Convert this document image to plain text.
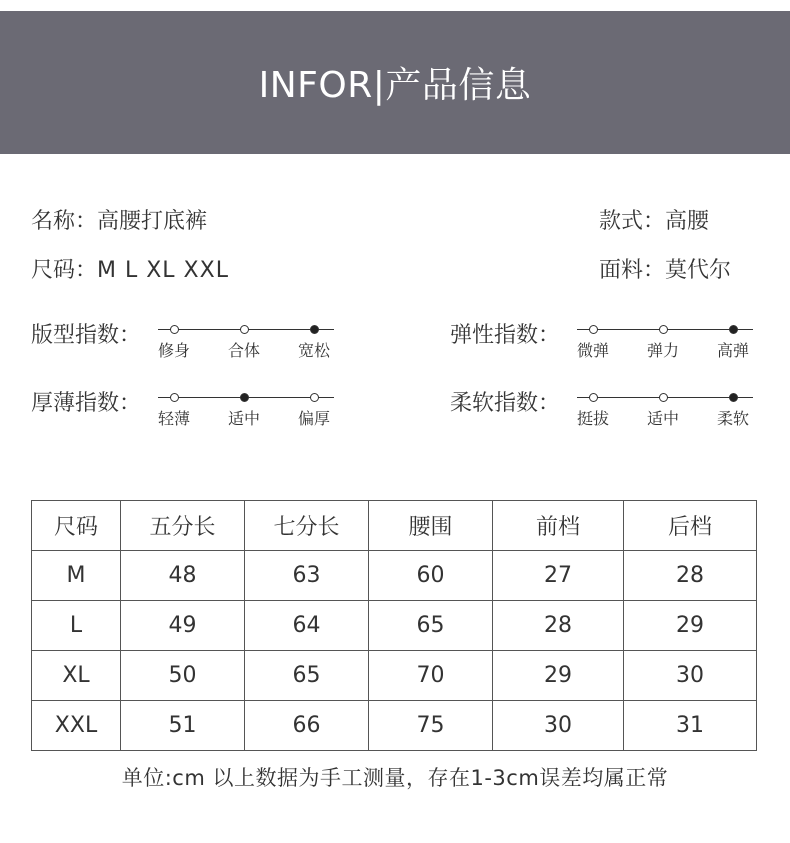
INFOR|产品信息
名称：高腰打底裤	款式：高腰
尺码：M L XL XXL	面料：莫代尔
版型指数：
修身 合体 宽松
弹性指数：
微弹 弹力 高弹
厚薄指数：
轻薄 适中 偏厚
柔软指数：
挺拔 适中 柔软
尺码	五分长	七分长	腰围	前档	后档
M	48	63	60	27	28
L	49	64	65	28	29
XL	50	65	70	29	30
XXL	51	66	75	30	31
单位:cm 以上数据为手工测量，存在1-3cm误差均属正常
